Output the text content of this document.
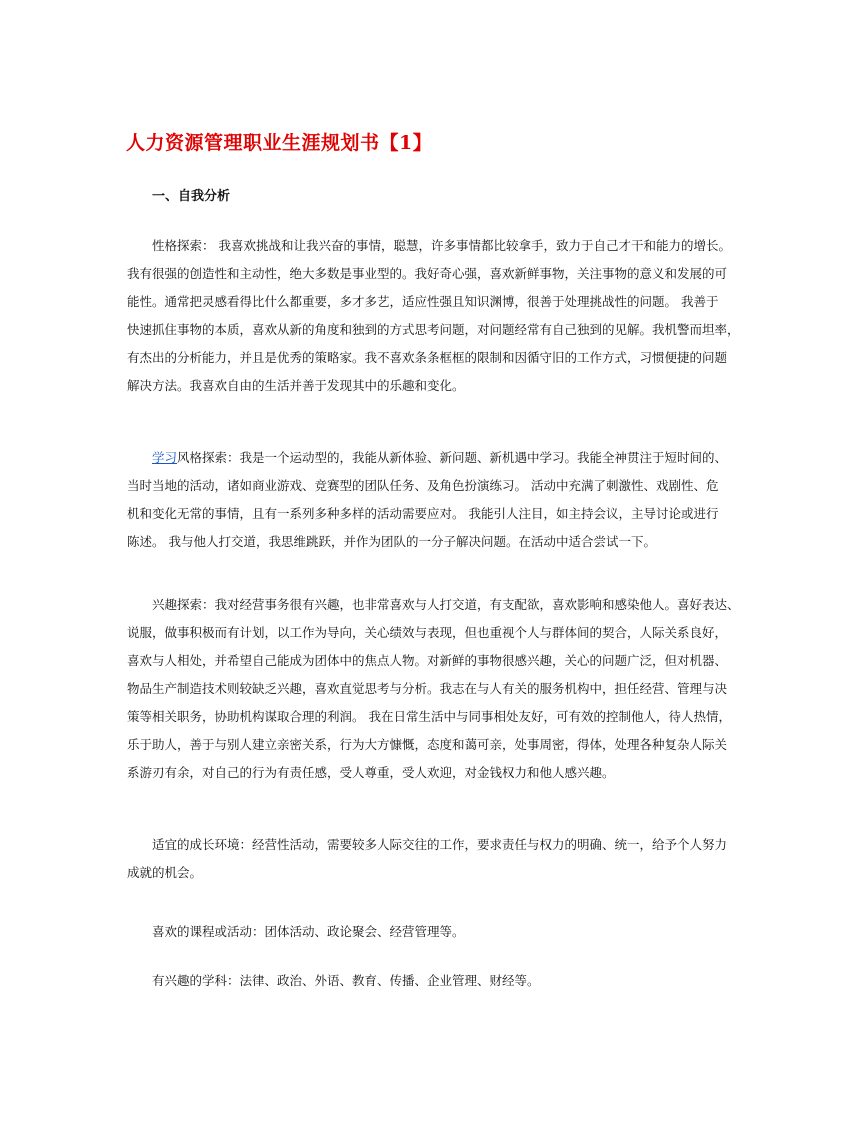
人力资源管理职业生涯规划书【1】
一、自我分析
性格探索： 我喜欢挑战和让我兴奋的事情，聪慧，许多事情都比较拿手，致力于自己才干和能力的增长。
我有很强的创造性和主动性，绝大多数是事业型的。我好奇心强，喜欢新鲜事物，关注事物的意义和发展的可
能性。通常把灵感看得比什么都重要，多才多艺，适应性强且知识渊博，很善于处理挑战性的问题。 我善于
快速抓住事物的本质，喜欢从新的角度和独到的方式思考问题，对问题经常有自己独到的见解。我机警而坦率，
有杰出的分析能力，并且是优秀的策略家。我不喜欢条条框框的限制和因循守旧的工作方式，习惯便捷的问题
解决方法。我喜欢自由的生活并善于发现其中的乐趣和变化。
学习风格探索：我是一个运动型的，我能从新体验、新问题、新机遇中学习。我能全神贯注于短时间的、
当时当地的活动，诸如商业游戏、竞赛型的团队任务、及角色扮演练习。 活动中充满了刺激性、戏剧性、危
机和变化无常的事情，且有一系列多种多样的活动需要应对。 我能引人注目，如主持会议，主导讨论或进行
陈述。 我与他人打交道，我思维跳跃，并作为团队的一分子解决问题。在活动中适合尝试一下。
兴趣探索：我对经营事务很有兴趣，也非常喜欢与人打交道，有支配欲，喜欢影响和感染他人。喜好表达、
说服，做事积极而有计划，以工作为导向，关心绩效与表现，但也重视个人与群体间的契合，人际关系良好，
喜欢与人相处，并希望自己能成为团体中的焦点人物。对新鲜的事物很感兴趣，关心的问题广泛，但对机器、
物品生产制造技术则较缺乏兴趣，喜欢直觉思考与分析。我志在与人有关的服务机构中，担任经营、管理与决
策等相关职务，协助机构谋取合理的利润。 我在日常生活中与同事相处友好，可有效的控制他人，待人热情，
乐于助人，善于与别人建立亲密关系，行为大方慷慨，态度和蔼可亲，处事周密，得体，处理各种复杂人际关
系游刃有余，对自己的行为有责任感，受人尊重，受人欢迎，对金钱权力和他人感兴趣。
适宜的成长环境：经营性活动，需要较多人际交往的工作，要求责任与权力的明确、统一，给予个人努力
成就的机会。
喜欢的课程或活动：团体活动、政论聚会、经营管理等。
有兴趣的学科：法律、政治、外语、教育、传播、企业管理、财经等。
